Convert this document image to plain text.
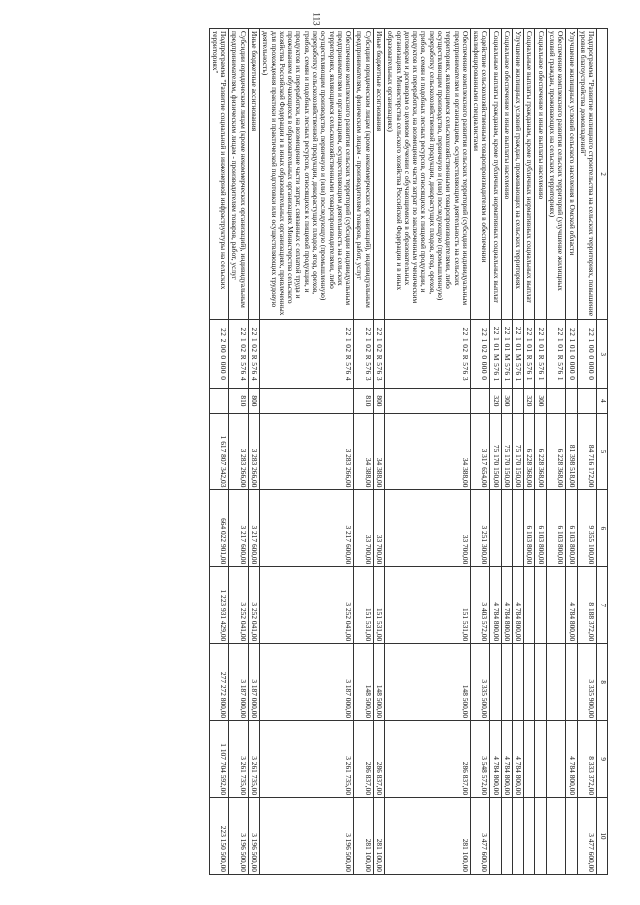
113
2	3	4	5	6	7	8	9	10
Подпрограмма "Развитие жилищного строительства на сельских территориях, повышение уровня благоустройства домовладений"	22 1 00 0 000 0		84 716 172,00	9 355 100,00	8 188 372,00	3 335 900,00	8 333 372,00	3 477 600,00
Улучшение жилищных условий сельского населения в Омской области	22 1 01 0 000 0		81 398 518,00	6 103 800,00	4 784 800,00		4 784 800,00	
Обеспечение комплексного развития сельских территорий (улучшение жилищных условий граждан, проживающих на сельских территориях)	22 1 01 R 576 1		6 228 368,00	6 103 800,00				
Социальное обеспечение и иные выплаты населению	22 1 01 R 576 1	300	6 228 368,00	6 103 800,00				
Социальные выплаты гражданам, кроме публичных нормативных социальных выплат	22 1 01 R 576 1	320	6 228 368,00	6 103 800,00				
Улучшение жилищных условий граждан, проживающих на сельских территориях	22 1 01 M 576 1		75 170 150,00		4 784 800,00		4 784 800,00	
Социальное обеспечение и иные выплаты населению	22 1 01 M 576 1	300	75 170 150,00		4 784 800,00		4 784 800,00	
Социальные выплаты гражданам, кроме публичных нормативных социальных выплат	22 1 01 M 576 1	320	75 170 150,00		4 784 800,00		4 784 800,00	
Содействие сельскохозяйственным товаропроизводителям в обеспечении квалифицированными специалистами	22 1 02 0 000 0		3 317 654,00	3 251 300,00	3 403 572,00	3 335 500,00	3 548 572,00	3 477 600,00
Обеспечение комплексного развития сельских территорий (субсидии индивидуальным предпринимателям и организациям, осуществляющим деятельность на сельских территориях, являющимся сельскохозяйственными товаропроизводителями, либо осуществляющим производство, первичную и (или) последующую (промышленную) переработку сельскохозяйственной продукции, дикорастущих плодов, ягод, орехов, грибов, семян и подобных лесных ресурсов, относящихся к пищевой продукции, и продуктов их переработки, на возмещение части затрат по заключенным ученическим договорам и договорам о целевом обучении с обучающимися в образовательных организациях Министерства сельского хозяйства Российской Федерации и в иных образовательных организациях)	22 1 02 R 576 3		34 388,00	33 700,00	151 531,00	148 500,00	286 837,00	281 100,00
Иные бюджетные ассигнования	22 1 02 R 576 3	800	34 388,00	33 700,00	151 531,00	148 500,00	286 837,00	281 100,00
Субсидии юридическим лицам (кроме некоммерческих организаций), индивидуальным предпринимателям, физическим лицам - производителям товаров, работ, услуг	22 1 02 R 576 3	810	34 388,00	33 700,00	151 531,00	148 500,00	286 837,00	281 100,00
Обеспечение комплексного развития сельских территорий (субсидии индивидуальным предпринимателям и организациям, осуществляющим деятельность на сельских территориях, являющимся сельскохозяйственными товаропроизводителями, либо осуществляющим производство, первичную и (или) последующую (промышленную) переработку сельскохозяйственной продукции, дикорастущих плодов, ягод, орехов, грибов, семян и подобных лесных ресурсов, относящихся к пищевой продукции, и продуктов их переработки, на возмещение части затрат, связанных с оплатой труда и проживанием обучающихся в образовательных организациях Министерства сельского хозяйства Российской Федерации и в иных образовательных организациях, привлеченных для прохождения практики и практической подготовки или осуществляющих трудовую деятельность)	22 1 02 R 576 4		3 283 266,00	3 217 600,00	3 252 041,00	3 187 000,00	3 261 735,00	3 196 500,00
Иные бюджетные ассигнования	22 1 02 R 576 4	800	3 283 266,00	3 217 600,00	3 252 041,00	3 187 000,00	3 261 735,00	3 196 500,00
Субсидии юридическим лицам (кроме некоммерческих организаций), индивидуальным предпринимателям, физическим лицам - производителям товаров, работ, услуг	22 1 02 R 576 4	810	3 283 266,00	3 217 600,00	3 252 041,00	3 187 000,00	3 261 735,00	3 196 500,00
Подпрограмма "Развитие социальной и инженерной инфраструктуры на сельских территориях"	22 2 00 0 000 0		1 617 807 342,03	664 022 901,00	1 223 931 429,00	277 272 800,00	1 107 704 592,00	223 150 500,00
